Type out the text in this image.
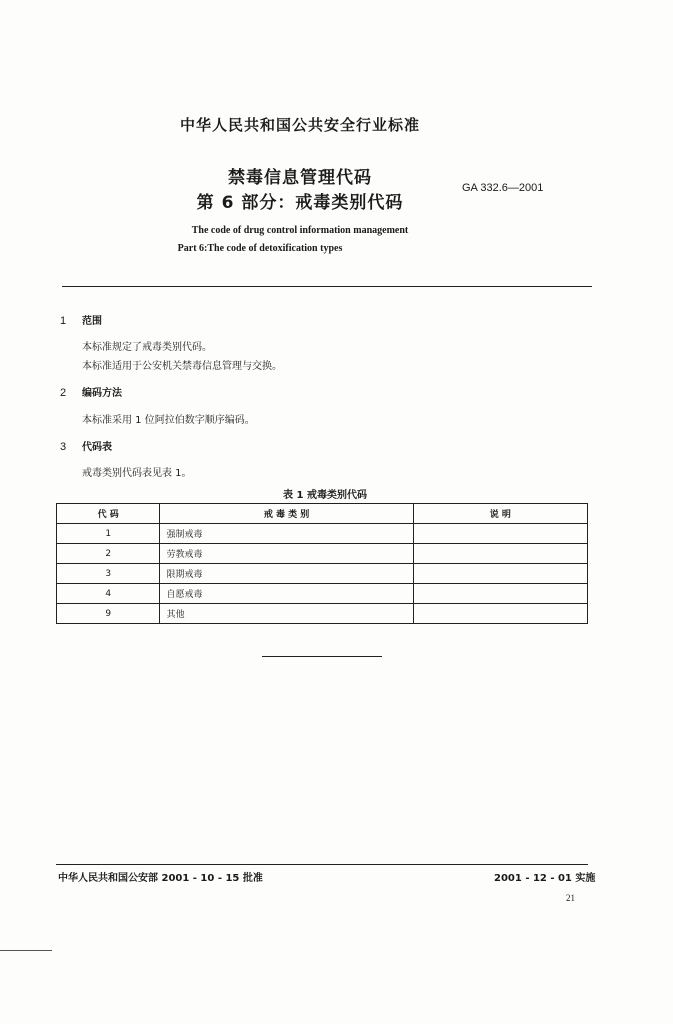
中华人民共和国公共安全行业标准
禁毒信息管理代码
第 6 部分：戒毒类别代码
GA 332.6—2001
The code of drug control information management
Part 6:The code of detoxification types
1 范围
本标准规定了戒毒类别代码。
本标准适用于公安机关禁毒信息管理与交换。
2 编码方法
本标准采用 1 位阿拉伯数字顺序编码。
3 代码表
戒毒类别代码表见表 1。
表 1 戒毒类别代码
代 码	戒 毒 类 别	说 明
1	强制戒毒	
2	劳教戒毒	
3	限期戒毒	
4	自愿戒毒	
9	其他	
中华人民共和国公安部 2001 - 10 - 15 批准	2001 - 12 - 01 实施
21
